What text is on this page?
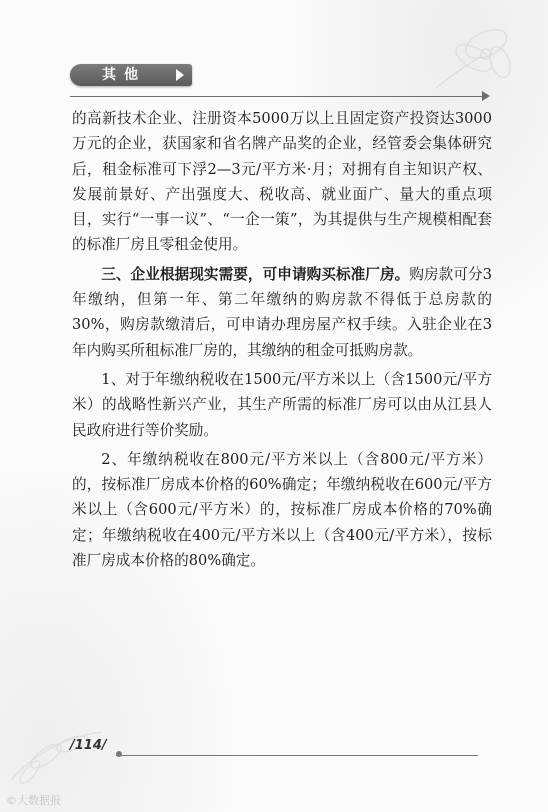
其他

的高新技术企业、注册资本5000万以上且固定资产投资达3000万元的企业，获国家和省名牌产品奖的企业，经管委会集体研究后，租金标准可下浮2—3元/平方米·月；对拥有自主知识产权、发展前景好、产出强度大、税收高、就业面广、量大的重点项目，实行“一事一议”、“一企一策”，为其提供与生产规模相配套的标准厂房且零租金使用。

三、企业根据现实需要，可申请购买标准厂房。购房款可分3年缴纳，但第一年、第二年缴纳的购房款不得低于总房款的30%，购房款缴清后，可申请办理房屋产权手续。入驻企业在3年内购买所租标准厂房的，其缴纳的租金可抵购房款。

1、对于年缴纳税收在1500元/平方米以上（含1500元/平方米）的战略性新兴产业，其生产所需的标准厂房可以由从江县人民政府进行等价奖励。

2、年缴纳税收在800元/平方米以上（含800元/平方米）的，按标准厂房成本价格的60%确定；年缴纳税收在600元/平方米以上（含600元/平方米）的，按标准厂房成本价格的70%确定；年缴纳税收在400元/平方米以上（含400元/平方米），按标准厂房成本价格的80%确定。

/114/
©大数据报
